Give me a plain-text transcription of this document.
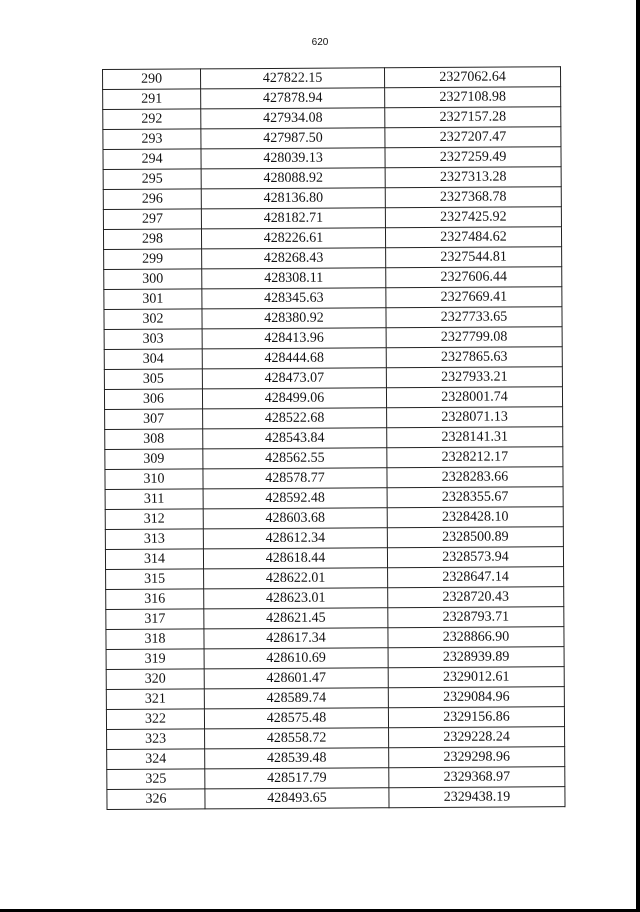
620
290	427822.15	2327062.64
291	427878.94	2327108.98
292	427934.08	2327157.28
293	427987.50	2327207.47
294	428039.13	2327259.49
295	428088.92	2327313.28
296	428136.80	2327368.78
297	428182.71	2327425.92
298	428226.61	2327484.62
299	428268.43	2327544.81
300	428308.11	2327606.44
301	428345.63	2327669.41
302	428380.92	2327733.65
303	428413.96	2327799.08
304	428444.68	2327865.63
305	428473.07	2327933.21
306	428499.06	2328001.74
307	428522.68	2328071.13
308	428543.84	2328141.31
309	428562.55	2328212.17
310	428578.77	2328283.66
311	428592.48	2328355.67
312	428603.68	2328428.10
313	428612.34	2328500.89
314	428618.44	2328573.94
315	428622.01	2328647.14
316	428623.01	2328720.43
317	428621.45	2328793.71
318	428617.34	2328866.90
319	428610.69	2328939.89
320	428601.47	2329012.61
321	428589.74	2329084.96
322	428575.48	2329156.86
323	428558.72	2329228.24
324	428539.48	2329298.96
325	428517.79	2329368.97
326	428493.65	2329438.19
